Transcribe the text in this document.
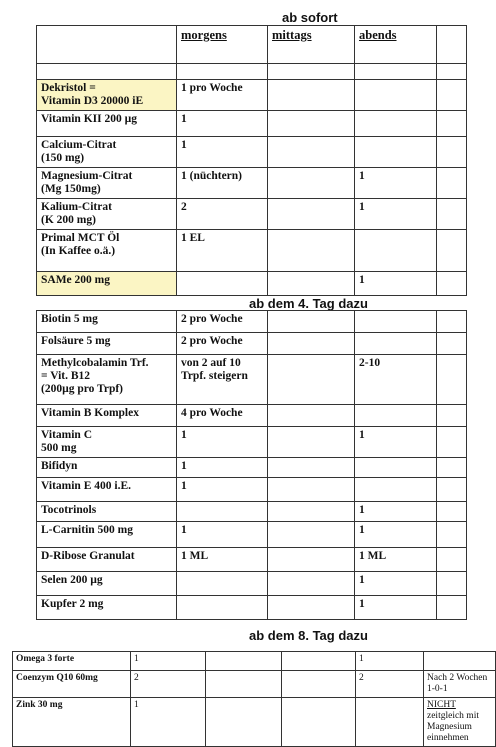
ab sofort
	morgens	mittags	abends	

Dekristol =
Vitamin D3 20000 iE	1 pro Woche			
Vitamin KII 200 µg	1			
Calcium-Citrat
(150 mg)	1			
Magnesium-Citrat
(Mg 150mg)	1 (nüchtern)		1	
Kalium-Citrat
(K 200 mg)	2		1	
Primal MCT Öl
(In Kaffee o.ä.)	1 EL			
SAMe 200 mg			1	
ab dem 4. Tag dazu
Biotin 5 mg	2 pro Woche			
Folsäure 5 mg	2 pro Woche			
Methylcobalamin Trf.
= Vit. B12
(200µg pro Trpf)	von 2 auf 10
Trpf. steigern		2-10	
Vitamin B Komplex	4 pro Woche			
Vitamin C
500 mg	1		1	
Bifidyn	1			
Vitamin E 400 i.E.	1			
Tocotrinols			1	
L-Carnitin 500 mg	1		1	
D-Ribose Granulat	1 ML		1 ML	
Selen 200 µg			1	
Kupfer 2 mg			1	
ab dem 8. Tag dazu
Omega 3 forte	1			1	
Coenzym Q10 60mg	2			2	Nach 2 Wochen 1-0-1
Zink 30 mg	1				NICHT zeitgleich mit Magnesium einnehmen
